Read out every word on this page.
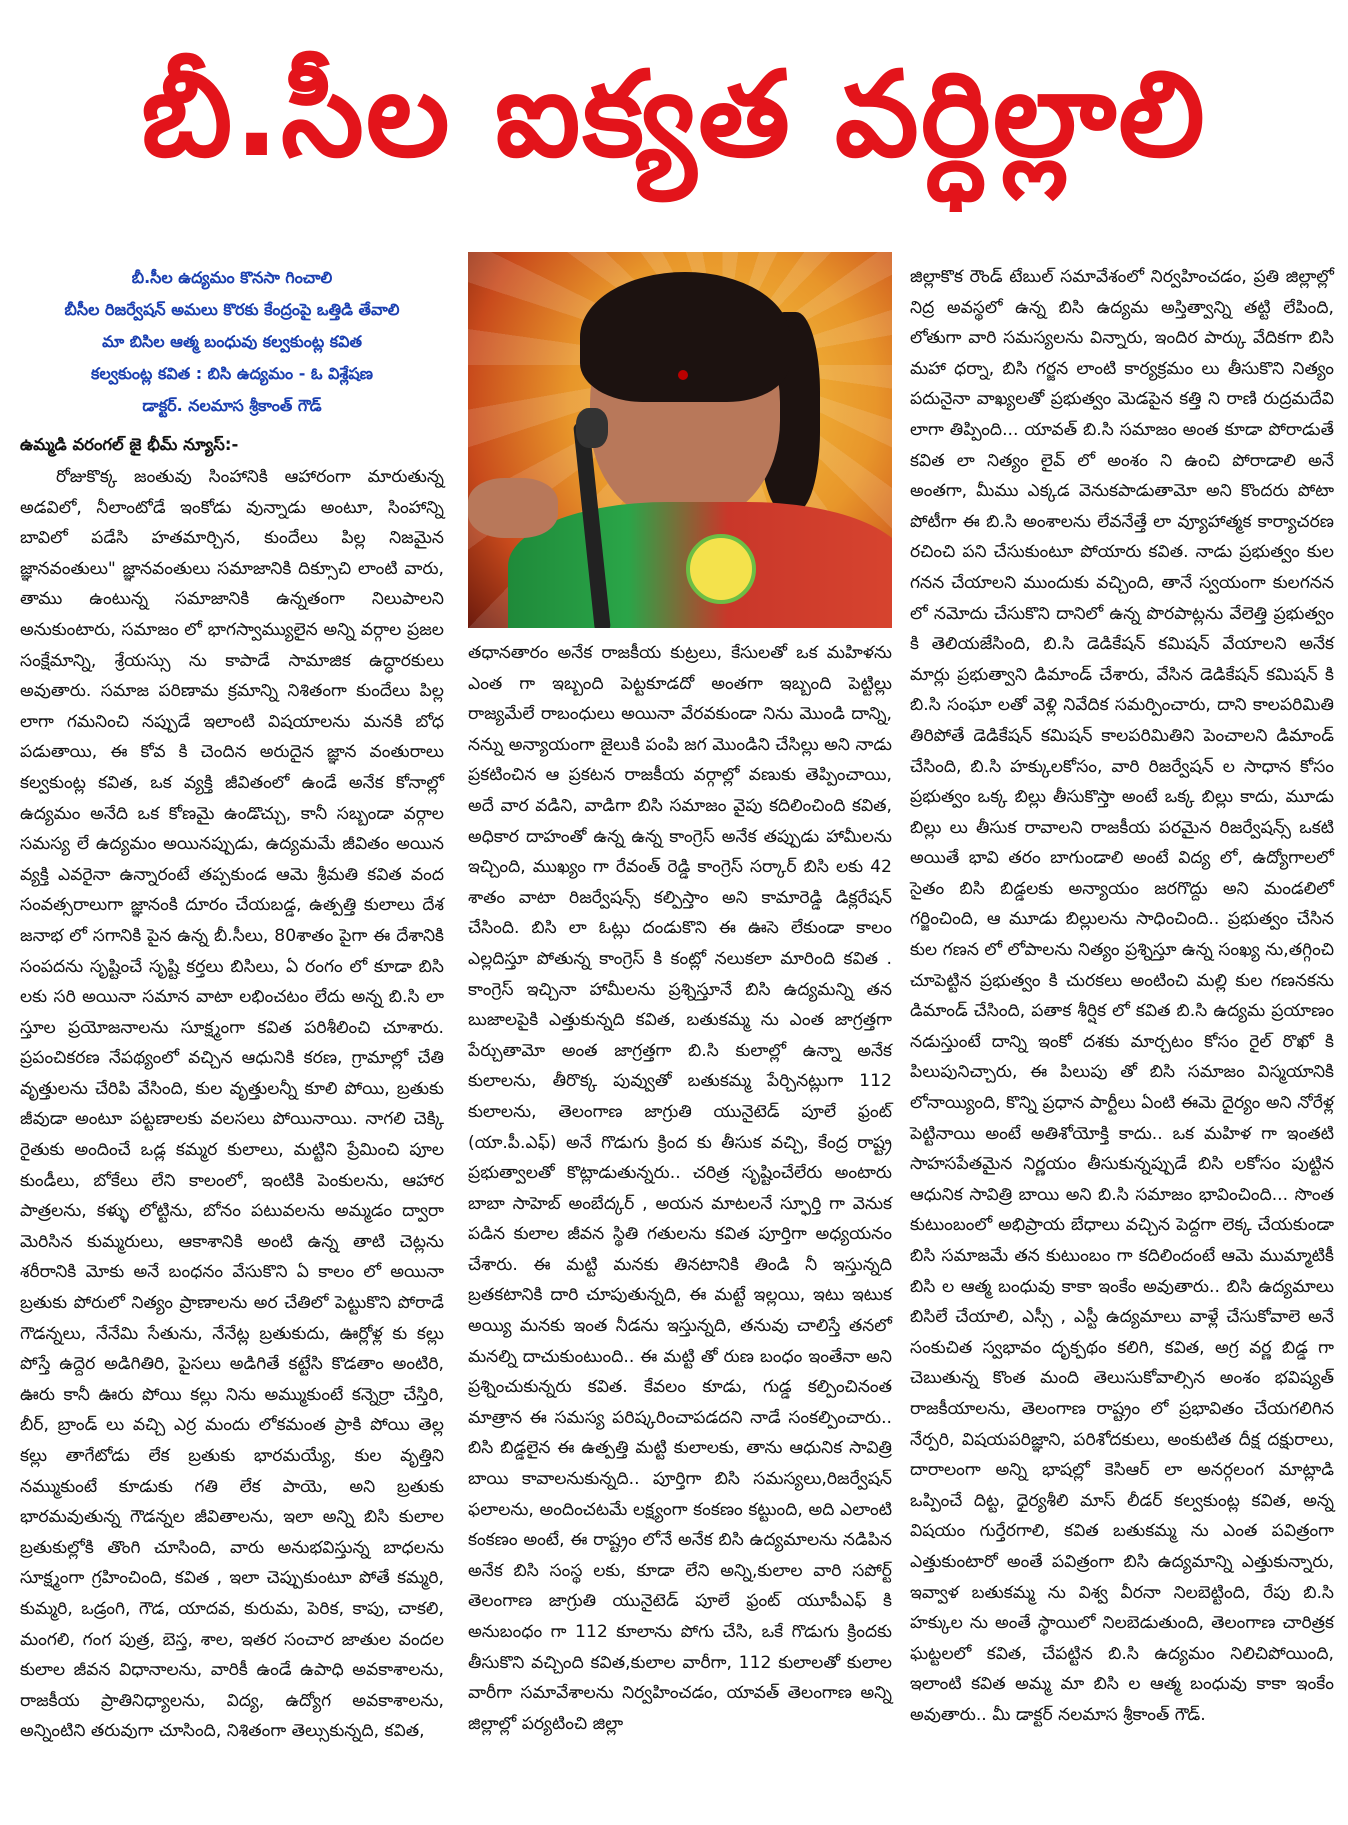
బీ.సీల ఐక్యత వర్ధిల్లాలి
బీ.సీల ఉద్యమం కొనసా గించాలి
బీసీల రిజర్వేషన్ అమలు కొరకు కేంద్రంపై ఒత్తిడి తేవాలి
మా బిసిల ఆత్మ బంధువు కల్వకుంట్ల కవిత
కల్వకుంట్ల కవిత : బిసి ఉద్యమం - ఓ విశ్లేషణ
డాక్టర్. నలమాస శ్రీకాంత్ గౌడ్
ఉమ్మడి వరంగల్ జై భీమ్ న్యూస్:-

రోజుకొక్క జంతువు సింహానికి ఆహారంగా మారుతున్న అడవిలో, నీలాంటోడే ఇంకోడు వున్నాడు అంటూ, సింహాన్ని బావిలో పడేసి హతమార్చిన, కుందేలు పిల్ల నిజమైన జ్ఞానవంతులు" జ్ఞానవంతులు సమాజానికి దిక్సూచి లాంటి వారు, తాము ఉంటున్న సమాజానికి ఉన్నతంగా నిలుపాలని అనుకుంటారు, సమాజం లో భాగస్వామ్యులైన అన్ని వర్గాల ప్రజల సంక్షేమాన్ని, శ్రేయస్సు ను కాపాడే సామాజిక ఉద్ధారకులు అవుతారు. సమాజ పరిణామ క్రమాన్ని నిశితంగా కుందేలు పిల్ల లాగా గమనించి నప్పుడే ఇలాంటి విషయాలను మనకి బోధ పడుతాయి, ఈ కోవ కి చెందిన అరుదైన జ్ఞాన వంతురాలు కల్వకుంట్ల కవిత, ఒక వ్యక్తి జీవితంలో ఉండే అనేక కోనాల్లో ఉద్యమం అనేది ఒక కోణమై ఉండొచ్చు, కానీ సబ్బండా వర్గాల సమస్య లే ఉద్యమం అయినప్పుడు, ఉద్యమమే జీవితం అయిన వ్యక్తి ఎవరైనా ఉన్నారంటే తప్పకుండ ఆమె శ్రీమతి కవిత వంద సంవత్సరాలుగా జ్ఞానంకి దూరం చేయబడ్డ, ఉత్పత్తి కులాలు దేశ జనాభ లో సగానికి పైన ఉన్న బీ.సీలు, 80శాతం పైగా ఈ దేశానికి సంపదను సృష్టించే సృష్టి కర్తలు బిసిలు, ఏ రంగం లో కూడా బిసి లకు సరి అయినా సమాన వాటా లభించటం లేదు అన్న బి.సి లా స్తూల ప్రయోజనాలను సూక్ష్మంగా కవిత పరిశీలించి చూశారు. ప్రపంచికరణ నేపథ్యంలో వచ్చిన ఆధునికి కరణ, గ్రామాల్లో చేతి వృత్తులను చేరిపి వేసింది, కుల వృత్తులన్నీ కూలి పోయి, బ్రతుకు జీవుడా అంటూ పట్టణాలకు వలసలు పోయినాయి. నాగలి చెక్కి రైతుకు అందించే ఒడ్ల కమ్మర కులాలు, మట్టిని ప్రేమించి పూల కుండీలు, బోకేలు లేని కాలంలో, ఇంటికి పెంకులను, ఆహార పాత్రలను, కళ్ళు లోట్టిను, బోనం పటువలను అమ్మడం ద్వారా మెరిసిన కుమ్మరులు, ఆకాశానికి అంటి ఉన్న తాటి చెట్లను శరీరానికి మోకు అనే బంధనం వేసుకొని ఏ కాలం లో అయినా బ్రతుకు పోరులో నిత్యం ప్రాణాలను అర చేతిలో పెట్టుకొని పోరాడే గౌడన్నలు, నేనేమి సేతును, నేనేట్ల బ్రతుకుదు, ఊర్లోళ్ల కు కల్లు పోస్తే ఉద్దెర అడిగితిరి, పైసలు అడిగితే కట్టేసి కొడతాం అంటిరి, ఊరు కానీ ఊరు పోయి కల్లు నిను అమ్ముకుంటే కన్నెర్రా చేస్తిరి, బీర్, బ్రాండ్ లు వచ్చి ఎర్ర మందు లోకమంత ప్రాకి పోయి తెల్ల కల్లు తాగేటోడు లేక బ్రతుకు భారమయ్యే, కుల వృత్తిని నమ్ముకుంటే కూడుకు గతి లేక పాయె, అని బ్రతుకు భారమవుతున్న గౌడన్నల జీవితాలను, ఇలా అన్ని బిసి కులాల బ్రతుకుల్లోకి తొంగి చూసింది, వారు అనుభవిస్తున్న బాధలను సూక్ష్మంగా గ్రహించింది, కవిత , ఇలా చెప్పుకుంటూ పోతే కమ్మరి, కుమ్మరి, ఒడ్రంగి, గౌడ, యాదవ, కురుమ, పెరిక, కాపు, చాకలి, మంగలి, గంగ పుత్ర, బెస్త, శాల, ఇతర సంచార జాతుల వందల కులాల జీవన విధానాలను, వారికీ ఉండే ఉపాధి అవకాశాలను, రాజకీయ ప్రాతినిధ్యాలను, విద్య, ఉద్యోగ అవకాశాలను, అన్నింటిని తరువుగా చూసింది, నిశితంగా తెల్సుకున్నది, కవిత,

తధానతారం అనేక రాజకీయ కుట్రలు, కేసులతో ఒక మహిళను ఎంత గా ఇబ్బంది పెట్టకూడదో అంతగా ఇబ్బంది పెట్టిల్లు రాజ్యమేలే రాబంధులు అయినా వేరవకుండా నిను మొండి దాన్ని, నన్ను అన్యాయంగా జైలుకి పంపి జగ మొండిని చేసిల్లు అని నాడు ప్రకటించిన ఆ ప్రకటన రాజకీయ వర్గాల్లో వణుకు తెప్పించాయి, అదే వార వడిని, వాడిగా బిసి సమాజం వైపు కదిలించింది కవిత, అధికార దాహంతో ఉన్న ఉన్న కాంగ్రెస్ అనేక తప్పుడు హామీలను ఇచ్చింది, ముఖ్యం గా రేవంత్ రెడ్డి కాంగ్రెస్ సర్కార్ బిసి లకు 42 శాతం వాటా రిజర్వేషన్స్ కల్పిస్తాం అని కామారెడ్డి డిక్లరేషన్ చేసింది. బిసి లా ఓట్లు దండుకొని ఈ ఊసె లేకుండా కాలం ఎల్లదిస్తూ పోతున్న కాంగ్రెస్ కి కంట్లో నలుకలా మారింది కవిత . కాంగ్రెస్ ఇచ్చినా హామీలను ప్రశ్నిస్తూనే బిసి ఉద్యమన్ని తన బుజాలపైకి ఎత్తుకున్నది కవిత, బతుకమ్మ ను ఎంత జాగ్రత్తగా పేర్చుతామో అంత జాగ్రత్తగా బి.సి కులాల్లో ఉన్నా అనేక కులాలను, తీరొక్క పువ్వుతో బతుకమ్మ పేర్చినట్లుగా 112 కులాలను, తెలంగాణ జాగ్రుతి యునైటెడ్ పూలే ఫ్రంట్ (యా.పీ.ఎఫ్) అనే గొడుగు క్రింద కు తీసుక వచ్చి, కేంద్ర రాష్ట్ర ప్రభుత్వాలతో కొట్లాడుతున్నరు.. చరిత్ర సృష్టించేలేరు అంటారు బాబా సాహెబ్ అంబేద్కర్ , అయన మాటలనే స్ఫూర్తి గా వెనుక పడిన కులాల జీవన స్థితి గతులను కవిత పూర్తిగా అధ్యయనం చేశారు. ఈ మట్టి మనకు తినటానికి తిండి నీ ఇస్తున్నది బ్రతకటానికి దారి చూపుతున్నది, ఈ మట్టే ఇల్లయి, ఇటు ఇటుక అయ్యి మనకు ఇంత నీడను ఇస్తున్నది, తనువు చాలిస్తే తనలో మనల్ని దాచుకుంటుంది.. ఈ మట్టి తో రుణ బంధం ఇంతేనా అని ప్రశ్నించుకున్నరు కవిత. కేవలం కూడు, గుడ్డ కల్పించినంత మాత్రాన ఈ సమస్య పరిష్కరించాపడదని నాడే సంకల్పించారు.. బిసి బిడ్డలైన ఈ ఉత్పత్తి మట్టి కులాలకు, తాను ఆధునిక సావిత్రి బాయి కావాలనుకున్నది.. పూర్తిగా బిసి సమస్యలు,రిజర్వేషన్ ఫలాలను, అందించటమే లక్ష్యంగా కంకణం కట్టుంది, అది ఎలాంటి కంకణం అంటే, ఈ రాష్ట్రం లోనే అనేక బిసి ఉద్యమాలను నడిపిన అనేక బిసి సంస్థ లకు, కూడా లేని అన్ని,కులాల వారి సపోర్ట్ తెలంగాణ జాగ్రుతి యునైటెడ్ పూలే ఫ్రంట్ యూపీఎఫ్ కి అనుబంధం గా 112 కూలాను పోగు చేసి, ఒకే గొడుగు క్రిందకు తీసుకొని వచ్చింది కవిత,కులాల వారీగా, 112 కులాలతో కులాల వారీగా సమావేశాలను నిర్వహించడం, యావత్ తెలంగాణ అన్ని జిల్లాల్లో పర్యటించి జిల్లా

జిల్లాకొక రౌండ్ టేబుల్ సమావేశంలో నిర్వహించడం, ప్రతి జిల్లాల్లో నిద్ర అవస్థలో ఉన్న బిసి ఉద్యమ అస్తిత్వాన్ని తట్టి లేపింది, లోతుగా వారి సమస్యలను విన్నారు, ఇందిర పార్కు వేదికగా బిసి మహా ధర్నా, బిసి గర్జన లాంటి కార్యక్రమం లు తీసుకొని నిత్యం పదునైనా వాఖ్యలతో ప్రభుత్వం మెడపైన కత్తి ని రాణి రుద్రమదేవి లాగా తిప్పింది... యావత్ బి.సి సమాజం అంత కూడా పోరాడుతే కవిత లా నిత్యం లైవ్ లో అంశం ని ఉంచి పోరాడాలి అనే అంతగా, మీము ఎక్కడ వెనుకపాడుతామో అని కొందరు పోటా పోటీగా ఈ బి.సి అంశాలను లేవనేత్తే లా వ్యూహాత్మక కార్యాచరణ రచించి పని చేసుకుంటూ పోయారు కవిత. నాడు ప్రభుత్వం కుల గనన చేయాలని ముందుకు వచ్చింది, తానే స్వయంగా కులగనన లో నమోదు చేసుకొని దానిలో ఉన్న పొరపాట్లను వేలెత్తి ప్రభుత్వం కి తెలియజేసింది, బి.సి డెడికేషన్ కమిషన్ వేయాలని అనేక మార్లు ప్రభుత్వాని డిమాండ్ చేశారు, వేసిన డెడికేషన్ కమిషన్ కి బి.సి సంఘా లతో వెళ్లి నివేదిక సమర్పించారు, దాని కాలపరిమితి తిరిపోతే డెడికేషన్ కమిషన్ కాలపరిమితిని పెంచాలని డిమాండ్ చేసింది, బి.సి హక్కులకోసం, వారి రిజర్వేషన్ ల సాధాన కోసం ప్రభుత్వం ఒక్క బిల్లు తీసుకొస్తా అంటే ఒక్క బిల్లు కాదు, మూడు బిల్లు లు తీసుక రావాలని రాజకీయ పరమైన రిజర్వేషన్స్ ఒకటి అయితే భావి తరం బాగుండాలి అంటే విద్య లో, ఉద్యోగాలలో సైతం బిసి బిడ్డలకు అన్యాయం జరగొద్దు అని మండలిలో గర్జించింది, ఆ మూడు బిల్లులను సాధించింది.. ప్రభుత్వం చేసిన కుల గణన లో లోపాలను నిత్యం ప్రశ్నిస్తూ ఉన్న సంఖ్య ను,తగ్గించి చూపెట్టిన ప్రభుత్వం కి చురకలు అంటించి మల్లి కుల గణనకను డిమాండ్ చేసింది, పతాక శీర్షిక లో కవిత బి.సి ఉద్యమ ప్రయాణం నడుస్తుంటే దాన్ని ఇంకో దశకు మార్చటం కోసం రైల్ రొఖో కి పిలుపునిచ్చారు, ఈ పిలుపు తో బిసి సమాజం విస్మయానికి లోనాయ్యింది, కొన్ని ప్రధాన పార్టీలు ఏంటి ఈమె దైర్యం అని నోరేళ్ల పెట్టినాయి అంటే అతిశోయోక్తి కాదు.. ఒక మహిళ గా ఇంతటి సాహసపేతమైన నిర్ణయం తీసుకున్నప్పుడే బిసి లకోసం పుట్టిన ఆధునిక సావిత్రి బాయి అని బి.సి సమాజం భావించింది... సొంత కుటుంబంలో అభిప్రాయ బేధాలు వచ్చిన పెద్దగా లెక్క చేయకుండా బిసి సమాజమే తన కుటుంబం గా కదిలిందంటే ఆమె ముమ్మాటికీ బిసి ల ఆత్మ బంధువు కాకా ఇంకేం అవుతారు.. బిసి ఉద్యమాలు బిసిలే చేయాలి, ఎస్సీ , ఎస్టీ ఉద్యమాలు వాళ్లే చేసుకోవాలె అనే సంకుచిత స్వభావం దృక్పథం కలిగి, కవిత, అగ్ర వర్ణ బిడ్డ గా చెబుతున్న కొంత మంది తెలుసుకోవాల్సిన అంశం భవిష్యత్ రాజకీయాలను, తెలంగాణ రాష్ట్రం లో ప్రభావితం చేయగలిగిన నేర్పరి, విషయపరిజ్ఞాని, పరిశోదకులు, అంకుటిత దీక్ష దక్షురాలు, దారాలంగా అన్ని భాషల్లో కెసిఆర్ లా అనర్గలంగ మాట్లాడి ఒప్పించే దిట్ట, ధైర్యశీలి మాస్ లీడర్ కల్వకుంట్ల కవిత, అన్న విషయం గుర్తేరగాలి, కవిత బతుకమ్మ ను ఎంత పవిత్రంగా ఎత్తుకుంటారో అంతే పవిత్రంగా బిసి ఉద్యమాన్ని ఎత్తుకున్నారు, ఇవ్వాళ బతుకమ్మ ను విశ్వ వీరనా నిలబెట్టింది, రేపు బి.సి హక్కుల ను అంతే స్థాయిలో నిలబెడుతుంది, తెలంగాణ చారిత్రక ఘట్టలలో కవిత, చేపట్టిన బి.సి ఉద్యమం నిలిచిపోయింది, ఇలాంటి కవిత అమ్మ మా బిసి ల ఆత్మ బంధువు కాకా ఇంకేం అవుతారు.. మీ డాక్టర్ నలమాస శ్రీకాంత్ గౌడ్.
